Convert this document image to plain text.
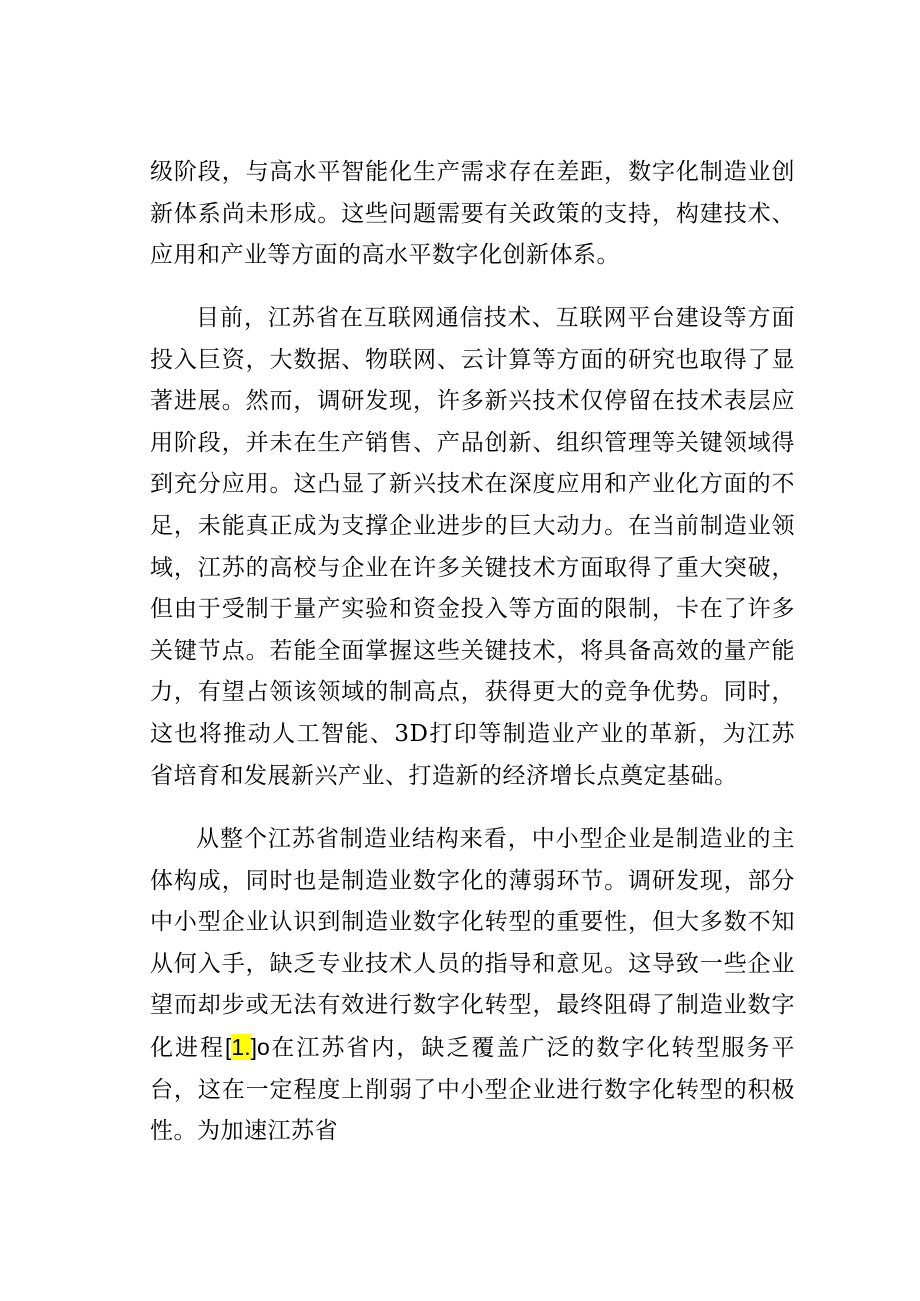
级阶段，与高水平智能化生产需求存在差距，数字化制造业创新体系尚未形成。这些问题需要有关政策的支持，构建技术、应用和产业等方面的高水平数字化创新体系。

目前，江苏省在互联网通信技术、互联网平台建设等方面投入巨资，大数据、物联网、云计算等方面的研究也取得了显著进展。然而，调研发现，许多新兴技术仅停留在技术表层应用阶段，并未在生产销售、产品创新、组织管理等关键领域得到充分应用。这凸显了新兴技术在深度应用和产业化方面的不足，未能真正成为支撑企业进步的巨大动力。在当前制造业领域，江苏的高校与企业在许多关键技术方面取得了重大突破，但由于受制于量产实验和资金投入等方面的限制，卡在了许多关键节点。若能全面掌握这些关键技术，将具备高效的量产能力，有望占领该领域的制高点，获得更大的竞争优势。同时，这也将推动人工智能、3D打印等制造业产业的革新，为江苏省培育和发展新兴产业、打造新的经济增长点奠定基础。

从整个江苏省制造业结构来看，中小型企业是制造业的主体构成，同时也是制造业数字化的薄弱环节。调研发现，部分中小型企业认识到制造业数字化转型的重要性，但大多数不知从何入手，缺乏专业技术人员的指导和意见。这导致一些企业望而却步或无法有效进行数字化转型，最终阻碍了制造业数字化进程[1.]o在江苏省内，缺乏覆盖广泛的数字化转型服务平台，这在一定程度上削弱了中小型企业进行数字化转型的积极性。为加速江苏省
